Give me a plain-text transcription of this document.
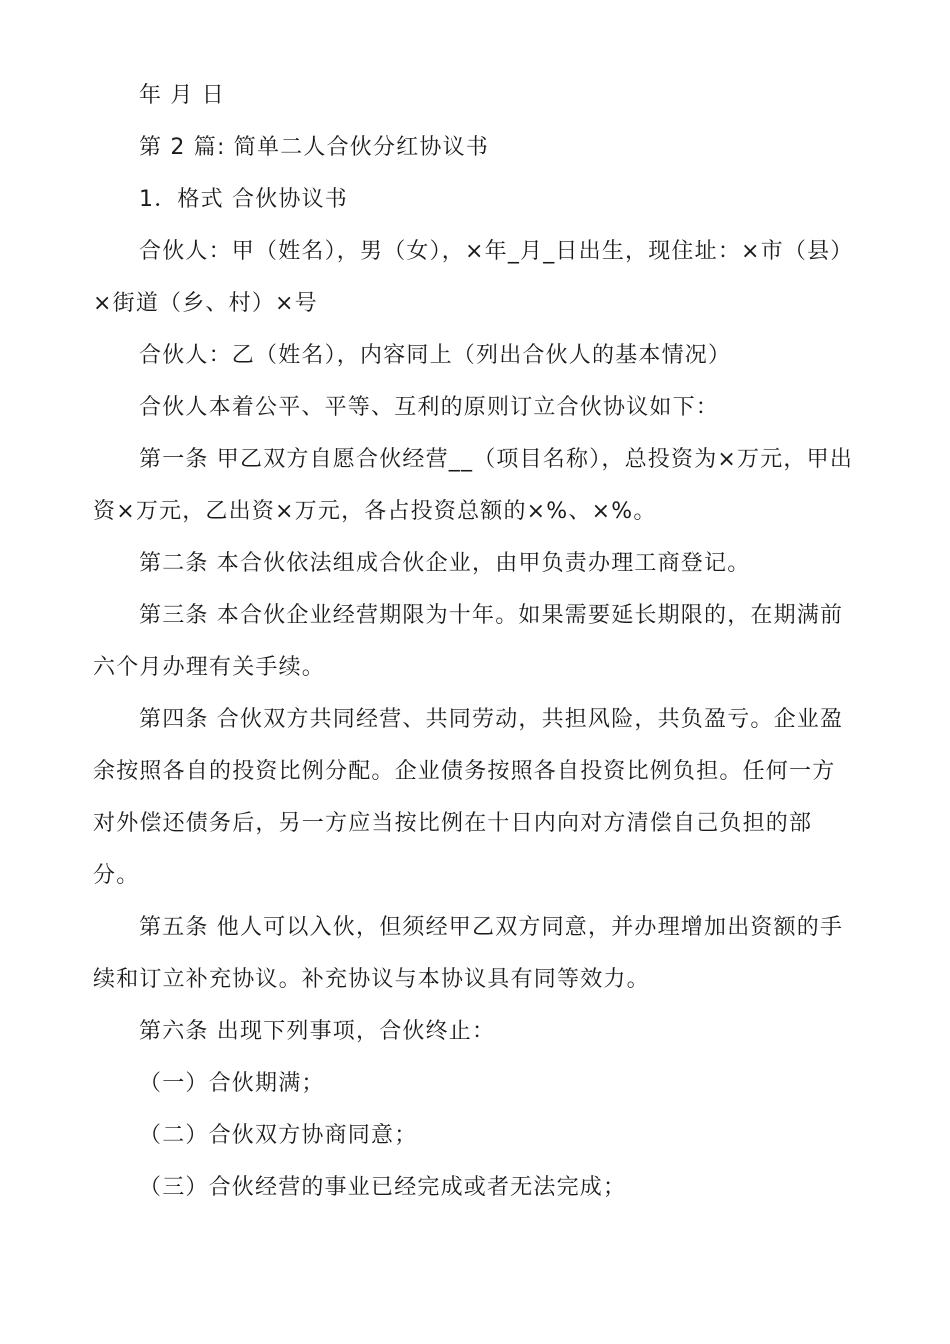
年 月 日

第 2 篇: 简单二人合伙分红协议书

1．格式 合伙协议书

合伙人：甲（姓名），男（女），×年_月_日出生，现住址：×市（县）×街道（乡、村）×号

合伙人：乙（姓名），内容同上（列出合伙人的基本情况）

合伙人本着公平、平等、互利的原则订立合伙协议如下：

第一条 甲乙双方自愿合伙经营__（项目名称），总投资为×万元，甲出资×万元，乙出资×万元，各占投资总额的×%、×%。

第二条 本合伙依法组成合伙企业，由甲负责办理工商登记。

第三条 本合伙企业经营期限为十年。如果需要延长期限的，在期满前六个月办理有关手续。

第四条 合伙双方共同经营、共同劳动，共担风险，共负盈亏。企业盈余按照各自的投资比例分配。企业债务按照各自投资比例负担。任何一方对外偿还债务后，另一方应当按比例在十日内向对方清偿自己负担的部分。

第五条 他人可以入伙，但须经甲乙双方同意，并办理增加出资额的手续和订立补充协议。补充协议与本协议具有同等效力。

第六条 出现下列事项，合伙终止：

（一）合伙期满；

（二）合伙双方协商同意；

（三）合伙经营的事业已经完成或者无法完成；
